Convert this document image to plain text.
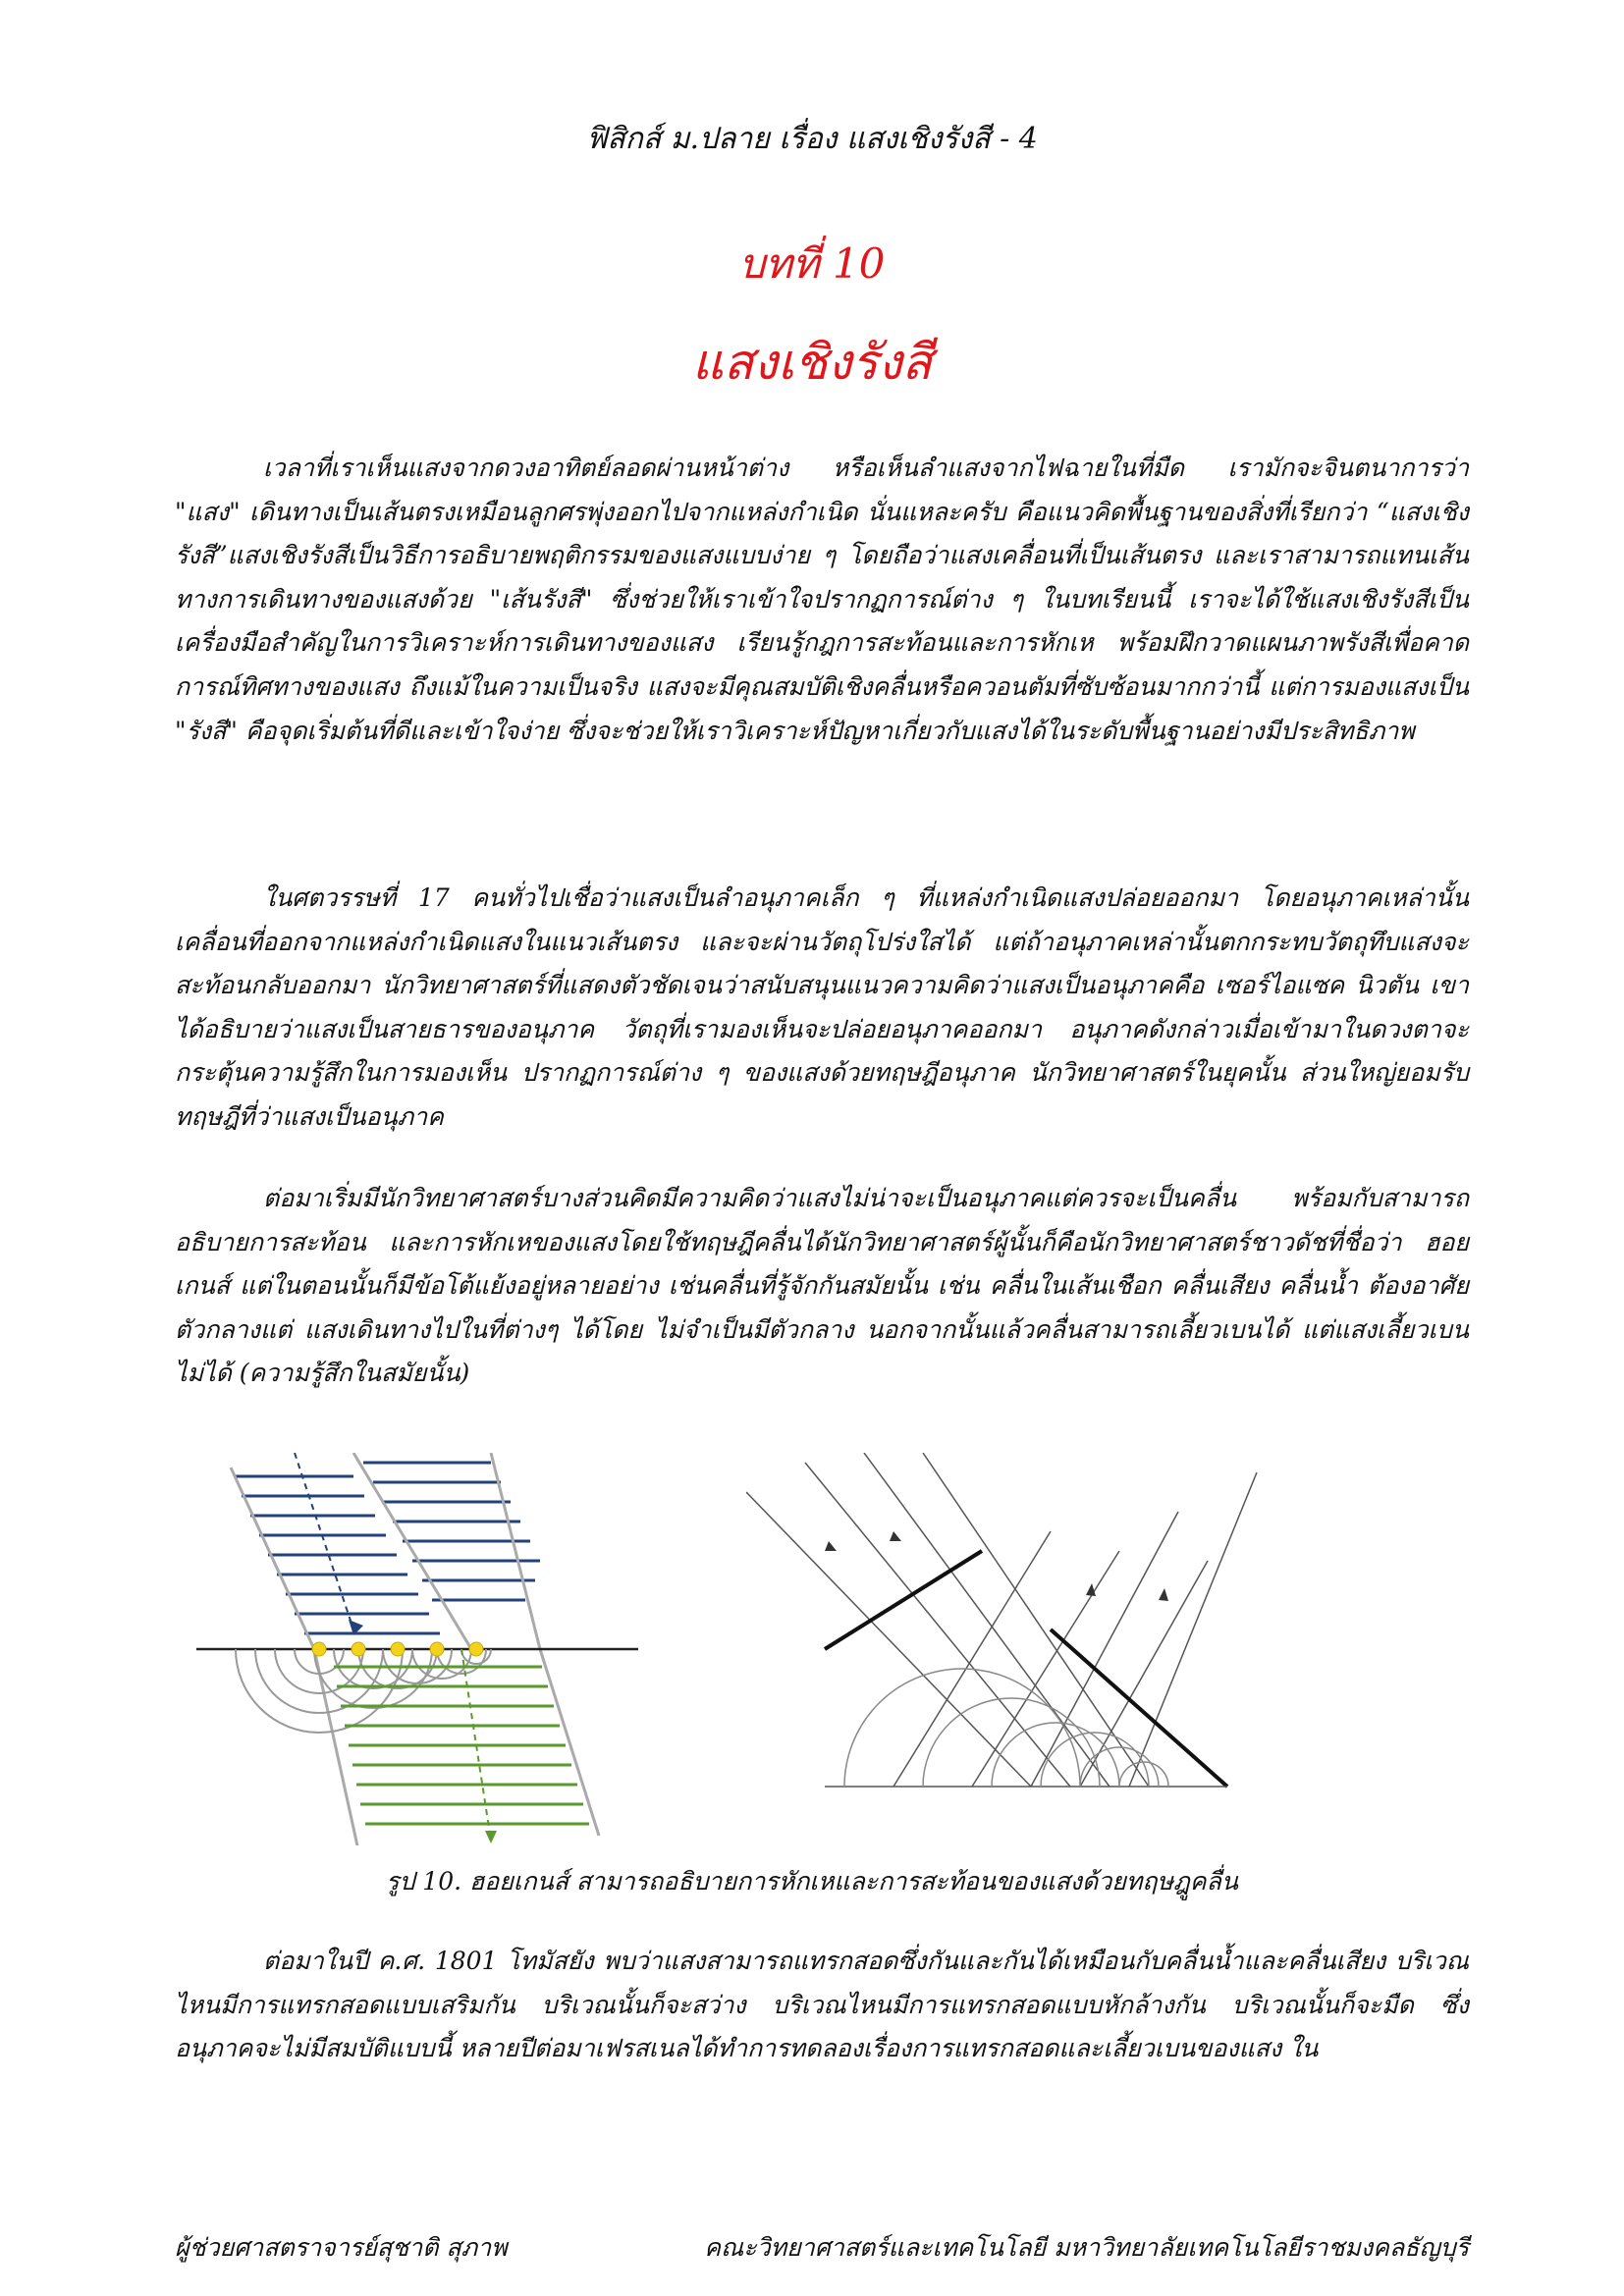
ฟิสิกส์ ม.ปลาย เรื่อง แสงเชิงรังสี - 4
บทที่ 10
แสงเชิงรังสี

เวลาที่เราเห็นแสงจากดวงอาทิตย์ลอดผ่านหน้าต่าง หรือเห็นลำแสงจากไฟฉายในที่มืด เรามักจะจินตนาการว่า "แสง" เดินทางเป็นเส้นตรงเหมือนลูกศรพุ่งออกไปจากแหล่งกำเนิด นั่นแหละครับ คือแนวคิดพื้นฐานของสิ่งที่เรียกว่า “แสงเชิงรังสี”แสงเชิงรังสีเป็นวิธีการอธิบายพฤติกรรมของแสงแบบง่าย ๆ โดยถือว่าแสงเคลื่อนที่เป็นเส้นตรง และเราสามารถแทนเส้นทางการเดินทางของแสงด้วย "เส้นรังสี" ซึ่งช่วยให้เราเข้าใจปรากฏการณ์ต่าง ๆ ในบทเรียนนี้ เราจะได้ใช้แสงเชิงรังสีเป็นเครื่องมือสำคัญในการวิเคราะห์การเดินทางของแสง เรียนรู้กฎการสะท้อนและการหักเห พร้อมฝึกวาดแผนภาพรังสีเพื่อคาดการณ์ทิศทางของแสง ถึงแม้ในความเป็นจริง แสงจะมีคุณสมบัติเชิงคลื่นหรือควอนตัมที่ซับซ้อนมากกว่านี้ แต่การมองแสงเป็น "รังสี" คือจุดเริ่มต้นที่ดีและเข้าใจง่าย ซึ่งจะช่วยให้เราวิเคราะห์ปัญหาเกี่ยวกับแสงได้ในระดับพื้นฐานอย่างมีประสิทธิภาพ

ในศตวรรษที่ 17 คนทั่วไปเชื่อว่าแสงเป็นลำอนุภาคเล็ก ๆ ที่แหล่งกำเนิดแสงปล่อยออกมา โดยอนุภาคเหล่านั้นเคลื่อนที่ออกจากแหล่งกำเนิดแสงในแนวเส้นตรง และจะผ่านวัตถุโปร่งใสได้ แต่ถ้าอนุภาคเหล่านั้นตกกระทบวัตถุทึบแสงจะสะท้อนกลับออกมา นักวิทยาศาสตร์ที่แสดงตัวชัดเจนว่าสนับสนุนแนวความคิดว่าแสงเป็นอนุภาคคือ เซอร์ไอแซค นิวตัน เขาได้อธิบายว่าแสงเป็นสายธารของอนุภาค วัตถุที่เรามองเห็นจะปล่อยอนุภาคออกมา อนุภาคดังกล่าวเมื่อเข้ามาในดวงตาจะกระตุ้นความรู้สึกในการมองเห็น ปรากฏการณ์ต่าง ๆ ของแสงด้วยทฤษฎีอนุภาค นักวิทยาศาสตร์ในยุคนั้น ส่วนใหญ่ยอมรับทฤษฎีที่ว่าแสงเป็นอนุภาค

ต่อมาเริ่มมีนักวิทยาศาสตร์บางส่วนคิดมีความคิดว่าแสงไม่น่าจะเป็นอนุภาคแต่ควรจะเป็นคลื่น พร้อมกับสามารถอธิบายการสะท้อน และการหักเหของแสงโดยใช้ทฤษฎีคลื่นได้นักวิทยาศาสตร์ผู้นั้นก็คือนักวิทยาศาสตร์ชาวดัชที่ชื่อว่า ฮอยเกนส์ แต่ในตอนนั้นก็มีข้อโต้แย้งอยู่หลายอย่าง เช่นคลื่นที่รู้จักกันสมัยนั้น เช่น คลื่นในเส้นเชือก คลื่นเสียง คลื่นน้ำ ต้องอาศัยตัวกลางแต่ แสงเดินทางไปในที่ต่างๆ ได้โดย ไม่จำเป็นมีตัวกลาง นอกจากนั้นแล้วคลื่นสามารถเลี้ยวเบนได้ แต่แสงเลี้ยวเบนไม่ได้ (ความรู้สึกในสมัยนั้น)

รูป 10. ฮอยเกนส์ สามารถอธิบายการหักเหและการสะท้อนของแสงด้วยทฤษฎูคลื่น

ต่อมาในปี ค.ศ. 1801 โทมัสยัง พบว่าแสงสามารถแทรกสอดซึ่งกันและกันได้เหมือนกับคลื่นน้ำและคลื่นเสียง บริเวณไหนมีการแทรกสอดแบบเสริมกัน บริเวณนั้นก็จะสว่าง บริเวณไหนมีการแทรกสอดแบบหักล้างกัน บริเวณนั้นก็จะมืด ซึ่งอนุภาคจะไม่มีสมบัติแบบนี้ หลายปีต่อมาเฟรสเนลได้ทำการทดลองเรื่องการแทรกสอดและเลี้ยวเบนของแสง ใน

ผู้ช่วยศาสตราจารย์สุชาติ สุภาพ	คณะวิทยาศาสตร์และเทคโนโลยี มหาวิทยาลัยเทคโนโลยีราชมงคลธัญบุรี
